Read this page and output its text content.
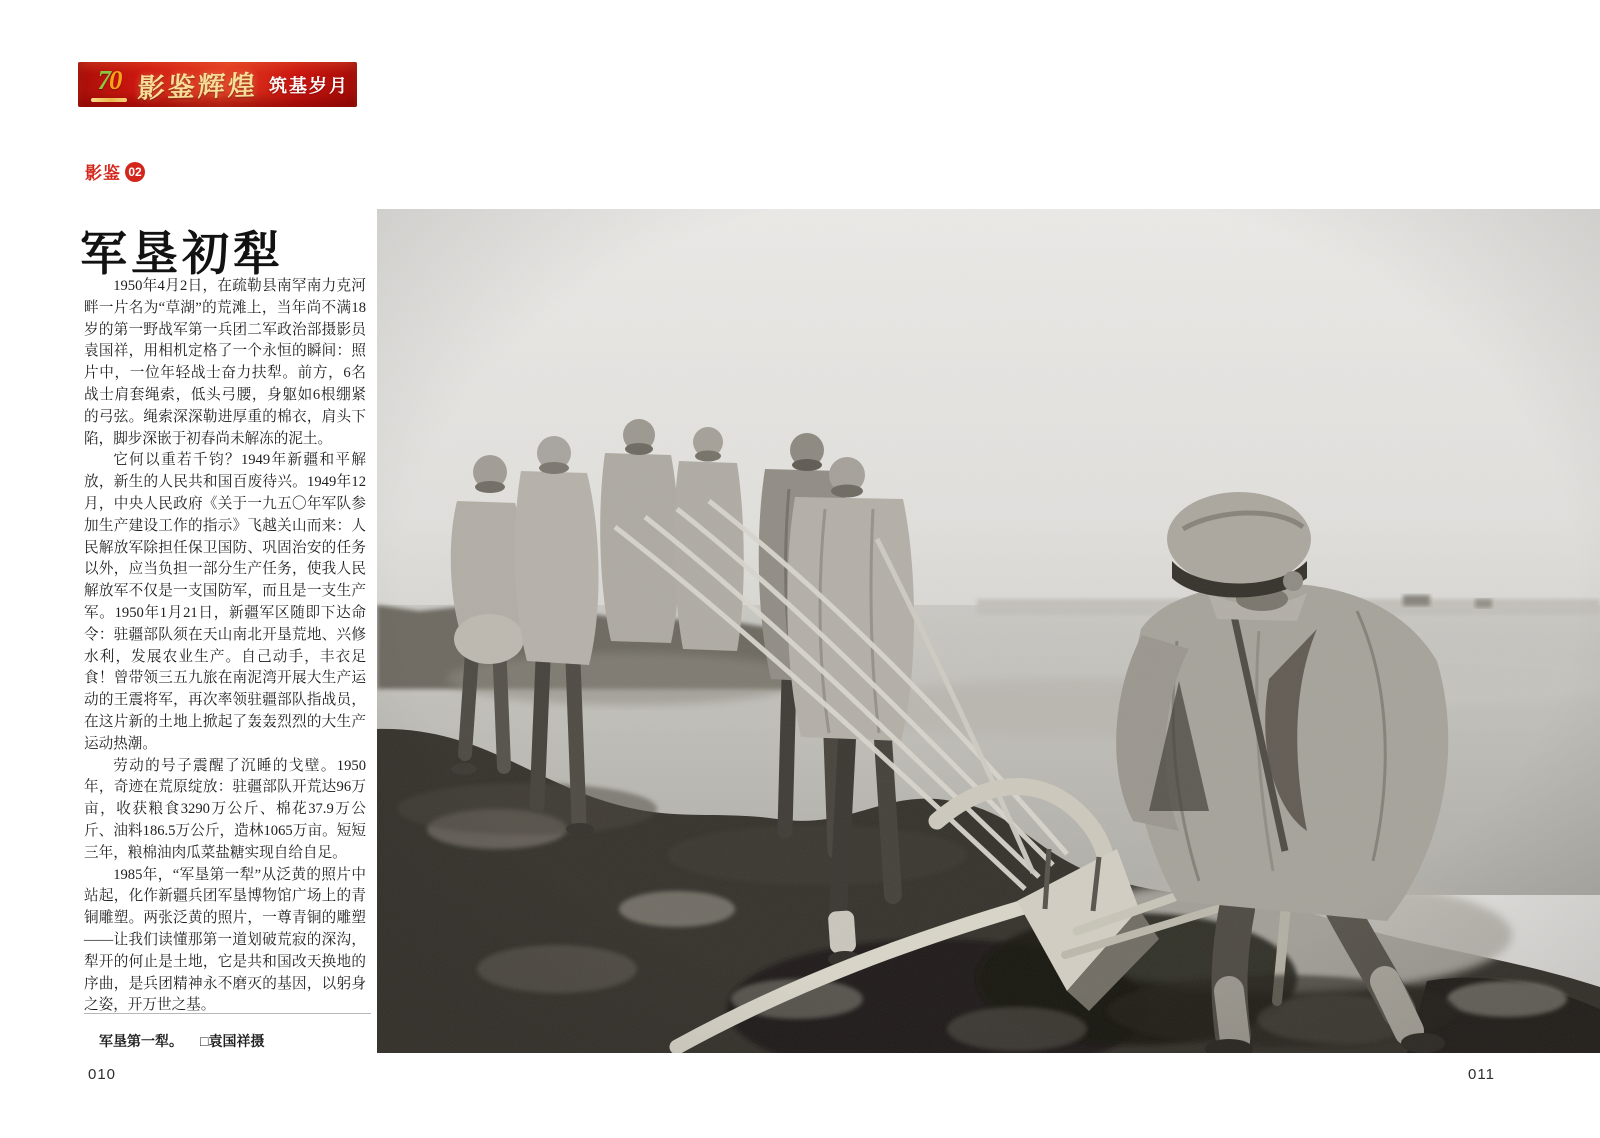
70 影鉴辉煌 筑基岁月
影鉴 02
军垦初犁

1950年4月2日，在疏勒县南罕南力克河畔一片名为“草湖”的荒滩上，当年尚不满18岁的第一野战军第一兵团二军政治部摄影员袁国祥，用相机定格了一个永恒的瞬间：照片中，一位年轻战士奋力扶犁。前方，6名战士肩套绳索，低头弓腰，身躯如6根绷紧的弓弦。绳索深深勒进厚重的棉衣，肩头下陷，脚步深嵌于初春尚未解冻的泥土。

它何以重若千钧？1949年新疆和平解放，新生的人民共和国百废待兴。1949年12月，中央人民政府《关于一九五〇年军队参加生产建设工作的指示》飞越关山而来：人民解放军除担任保卫国防、巩固治安的任务以外，应当负担一部分生产任务，使我人民解放军不仅是一支国防军，而且是一支生产军。1950年1月21日，新疆军区随即下达命令：驻疆部队须在天山南北开垦荒地、兴修水利，发展农业生产。自己动手，丰衣足食！曾带领三五九旅在南泥湾开展大生产运动的王震将军，再次率领驻疆部队指战员，在这片新的土地上掀起了轰轰烈烈的大生产运动热潮。

劳动的号子震醒了沉睡的戈壁。1950年，奇迹在荒原绽放：驻疆部队开荒达96万亩，收获粮食3290万公斤、棉花37.9万公斤、油料186.5万公斤，造林1065万亩。短短三年，粮棉油肉瓜菜盐糖实现自给自足。

1985年，“军垦第一犁”从泛黄的照片中站起，化作新疆兵团军垦博物馆广场上的青铜雕塑。两张泛黄的照片，一尊青铜的雕塑——让我们读懂那第一道划破荒寂的深沟，犁开的何止是土地，它是共和国改天换地的序曲，是兵团精神永不磨灭的基因，以躬身之姿，开万世之基。

军垦第一犁。 □袁国祥摄
010	011
